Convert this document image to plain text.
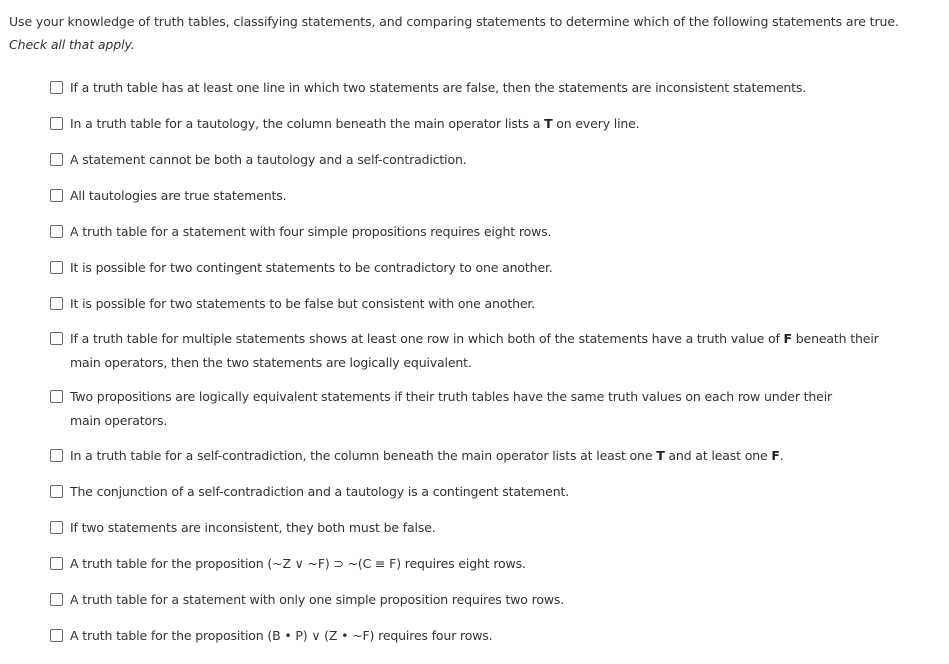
Use your knowledge of truth tables, classifying statements, and comparing statements to determine which of the following statements are true. Check all that apply.
If a truth table has at least one line in which two statements are false, then the statements are inconsistent statements.
In a truth table for a tautology, the column beneath the main operator lists a T on every line.
A statement cannot be both a tautology and a self-contradiction.
All tautologies are true statements.
A truth table for a statement with four simple propositions requires eight rows.
It is possible for two contingent statements to be contradictory to one another.
It is possible for two statements to be false but consistent with one another.
If a truth table for multiple statements shows at least one row in which both of the statements have a truth value of F beneath their main operators, then the two statements are logically equivalent.
Two propositions are logically equivalent statements if their truth tables have the same truth values on each row under their main operators.
In a truth table for a self-contradiction, the column beneath the main operator lists at least one T and at least one F.
The conjunction of a self-contradiction and a tautology is a contingent statement.
If two statements are inconsistent, they both must be false.
A truth table for the proposition (~Z ∨ ~F) ⊃ ~(C ≡ F) requires eight rows.
A truth table for a statement with only one simple proposition requires two rows.
A truth table for the proposition (B • P) ∨ (Z • ~F) requires four rows.
